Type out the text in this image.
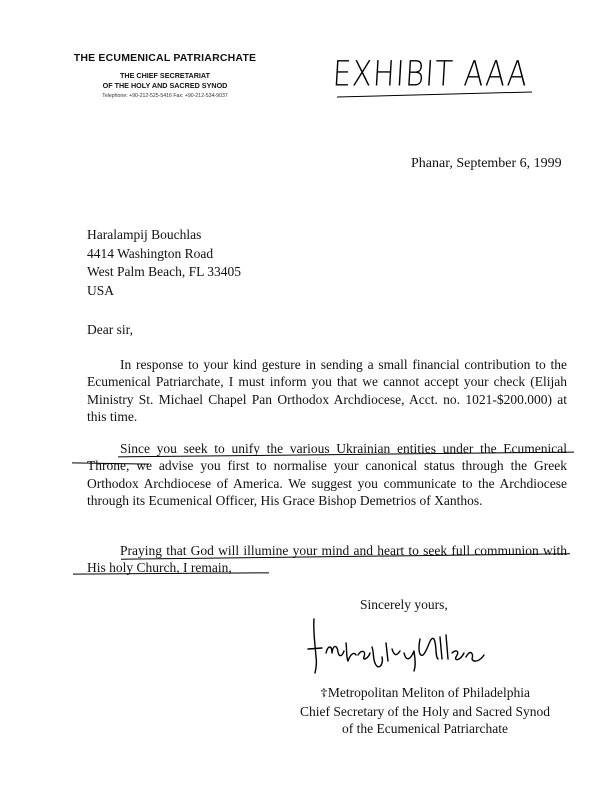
THE ECUMENICAL PATRIARCHATE
THE CHIEF SECRETARIAT
OF THE HOLY AND SACRED SYNOD
Telephone: +90-212-525-5416 Fax: +90-212-534-9037
EXHIBIT AAA
Phanar, September 6, 1999
Haralampij Bouchlas
4414 Washington Road
West Palm Beach, FL 33405
USA
Dear sir,
In response to your kind gesture in sending a small financial contribution to the Ecumenical Patriarchate, I must inform you that we cannot accept your check (Elijah Ministry St. Michael Chapel Pan Orthodox Archdiocese, Acct. no. 1021-$200.000) at this time.
Since you seek to unify the various Ukrainian entities under the Ecumenical Throne, we advise you first to normalise your canonical status through the Greek Orthodox Archdiocese of America. We suggest you communicate to the Archdiocese through its Ecumenical Officer, His Grace Bishop Demetrios of Xanthos.
Praying that God will illumine your mind and heart to seek full communion with His holy Church, I remain,
Sincerely yours,
☦Metropolitan Meliton of Philadelphia
Chief Secretary of the Holy and Sacred Synod
of the Ecumenical Patriarchate
